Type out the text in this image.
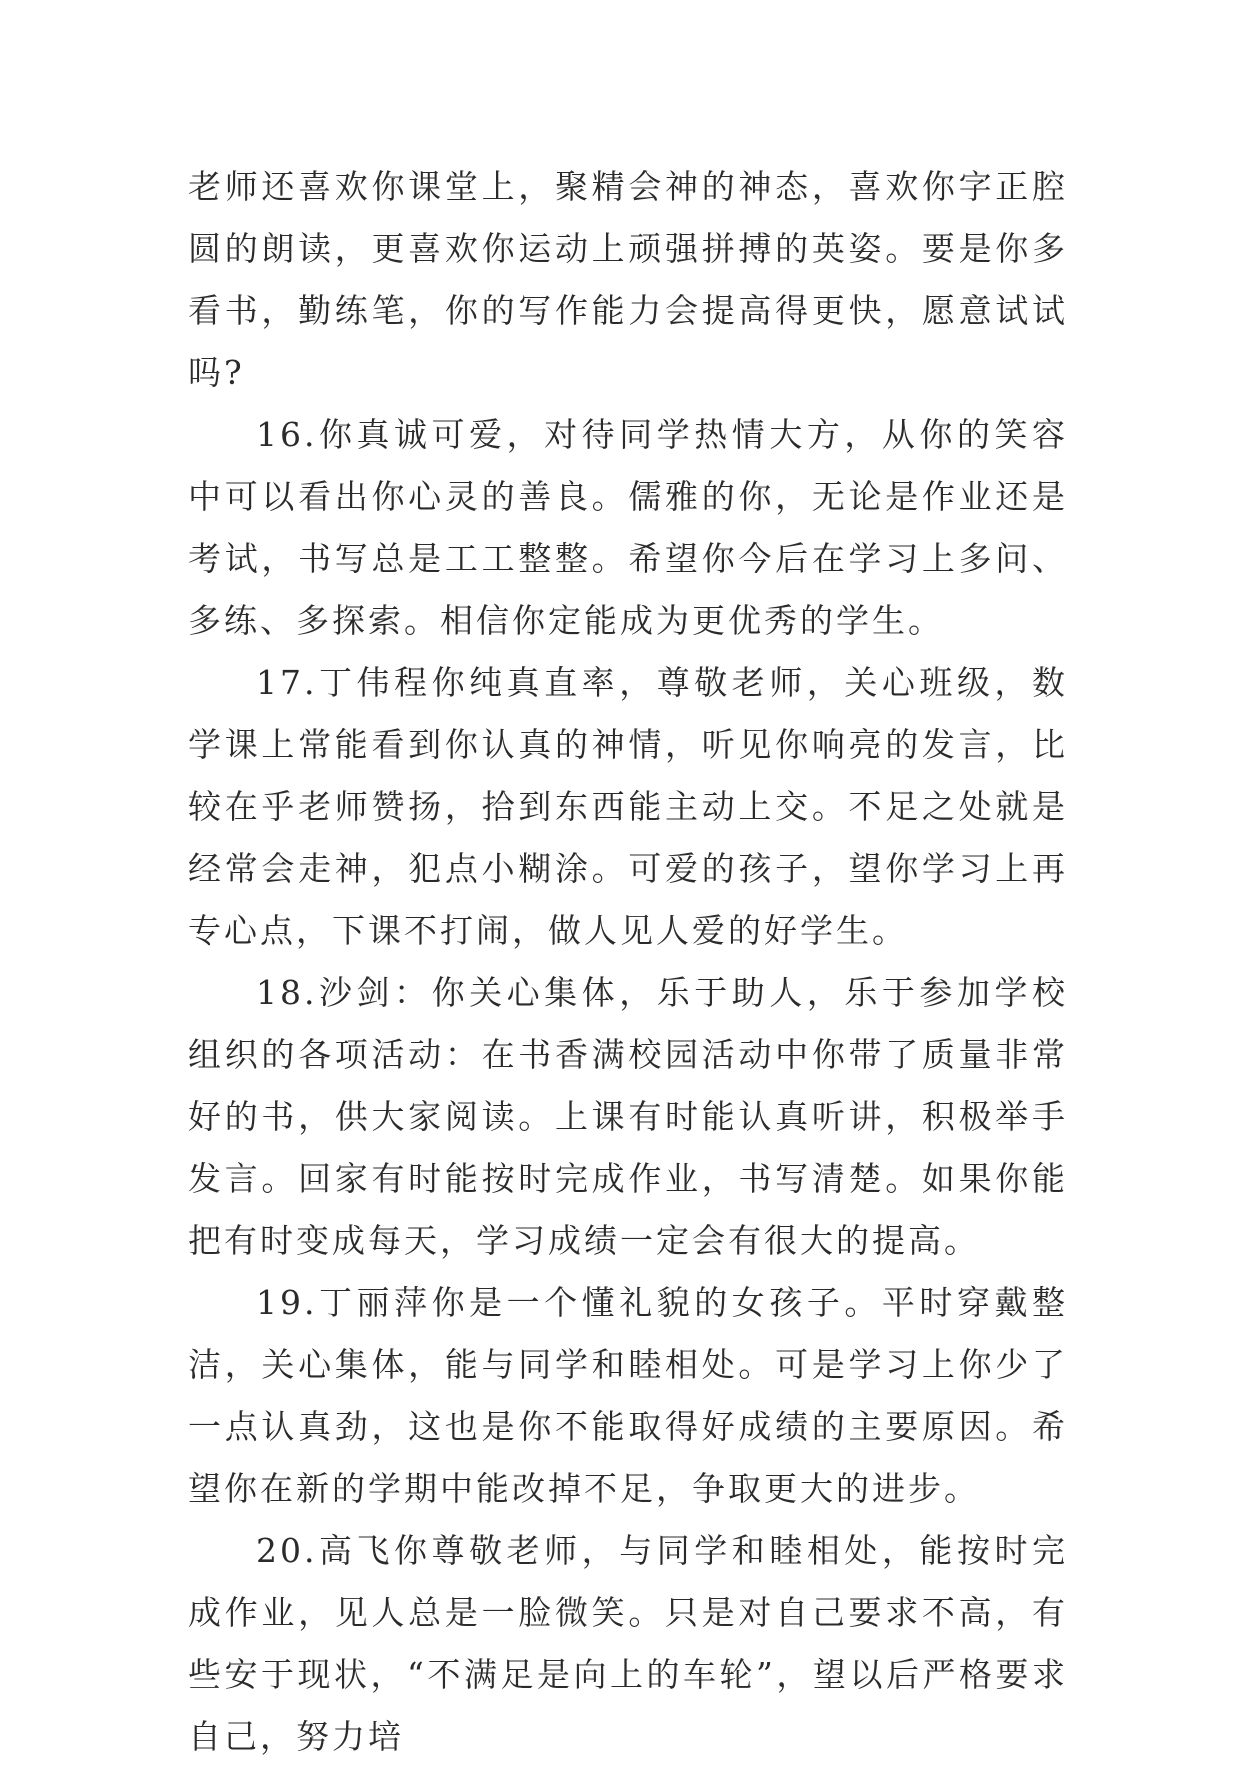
老师还喜欢你课堂上，聚精会神的神态，喜欢你字正腔圆的朗读，更喜欢你运动上顽强拼搏的英姿。要是你多看书，勤练笔，你的写作能力会提高得更快，愿意试试吗?

16.你真诚可爱，对待同学热情大方，从你的笑容中可以看出你心灵的善良。儒雅的你，无论是作业还是考试，书写总是工工整整。希望你今后在学习上多问、多练、多探索。相信你定能成为更优秀的学生。

17.丁伟程你纯真直率，尊敬老师，关心班级，数学课上常能看到你认真的神情，听见你响亮的发言，比较在乎老师赞扬，拾到东西能主动上交。不足之处就是经常会走神，犯点小糊涂。可爱的孩子，望你学习上再专心点，下课不打闹，做人见人爱的好学生。

18.沙剑：你关心集体，乐于助人，乐于参加学校组织的各项活动：在书香满校园活动中你带了质量非常好的书，供大家阅读。上课有时能认真听讲，积极举手发言。回家有时能按时完成作业，书写清楚。如果你能把有时变成每天，学习成绩一定会有很大的提高。

19.丁丽萍你是一个懂礼貌的女孩子。平时穿戴整洁，关心集体，能与同学和睦相处。可是学习上你少了一点认真劲，这也是你不能取得好成绩的主要原因。希望你在新的学期中能改掉不足，争取更大的进步。

20.高飞你尊敬老师，与同学和睦相处，能按时完成作业，见人总是一脸微笑。只是对自己要求不高，有些安于现状，“不满足是向上的车轮”，望以后严格要求自己，努力培
